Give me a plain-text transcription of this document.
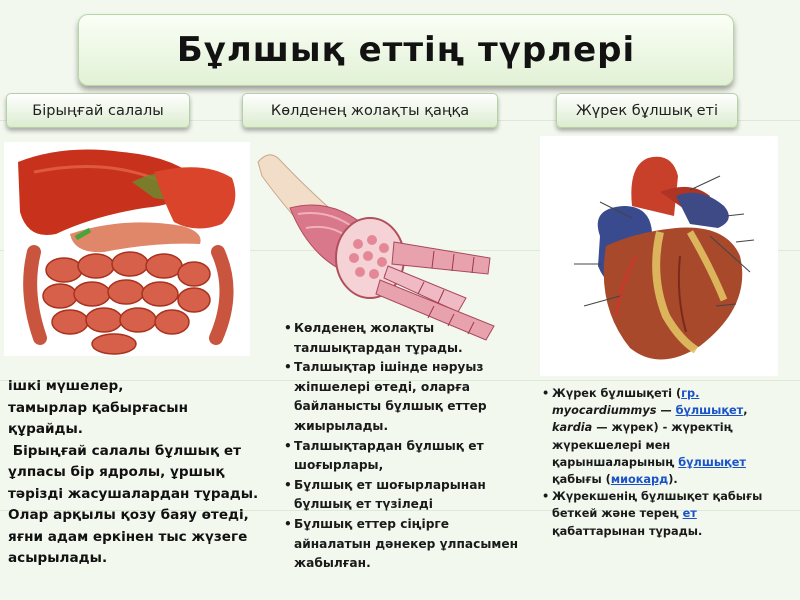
Бұлшық еттің түрлері
Бірыңғай салалы	Көлденең жолақты қаңқа	Жүрек бұлшық еті
ішкі мүшелер,
тамырлар қабырғасын
құрайды.
Бірыңғай салалы бұлшық ет
ұлпасы бір ядролы, ұршық
тәрізді жасушалардан тұрады.
Олар арқылы қозу баяу өтеді,
яғни адам еркінен тыс жүзеге
асырылады.
• Көлденең жолақты талшықтардан тұрады.
• Талшықтар ішінде нәруыз жіпшелері өтеді, оларға байланысты бұлшық еттер жиырылады.
• Талшықтардан бұлшық ет шоғырлары,
• Бұлшық ет шоғырларынан бұлшық ет түзіледі
• Бұлшық еттер сіңірге айналатын дәнекер ұлпасымен жабылған.
• Жүрек бұлшықеті (гр. myocardiummys — бұлшықет, kardia — жүрек) - жүректің жүрекшелері мен қарыншаларының бұлшықет қабығы (миокард).
• Жүрекшенің бұлшықет қабығы беткей және терең ет қабаттарынан тұрады.
